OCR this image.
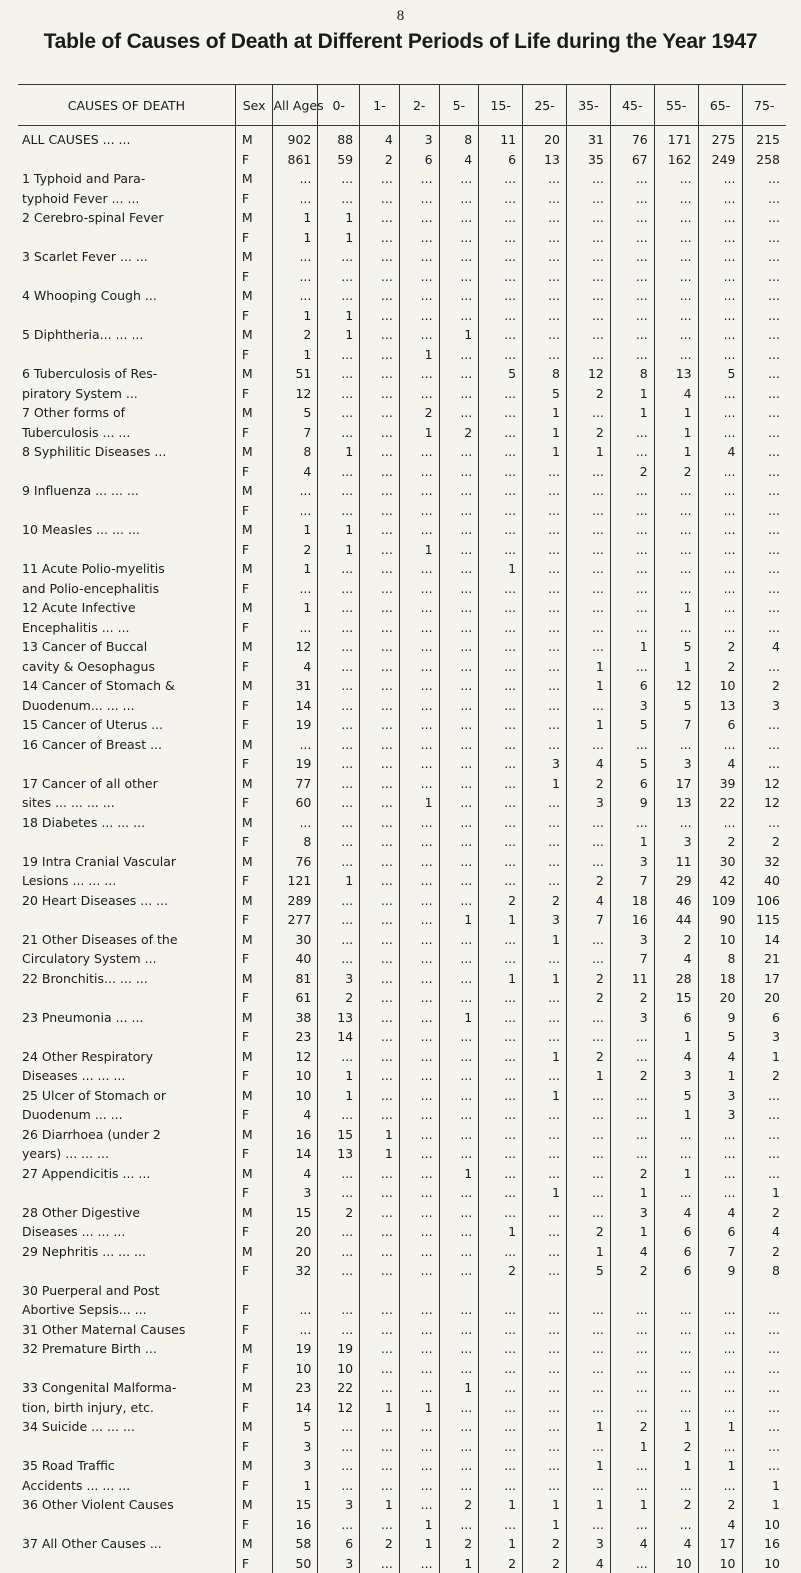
8
Table of Causes of Death at Different Periods of Life during the Year 1947
CAUSES OF DEATH	Sex	All Ages	0-	1-	2-	5-	15-	25-	35-	45-	55-	65-	75-
ALL CAUSES ... ...	M	902	88	4	3	8	11	20	31	76	171	275	215
	F	861	59	2	6	4	6	13	35	67	162	249	258
1 Typhoid and Para-	M	...	...	...	...	...	...	...	...	...	...	...	...
typhoid Fever ... ...	F	...	...	...	...	...	...	...	...	...	...	...	...
2 Cerebro-spinal Fever	M	1	1	...	...	...	...	...	...	...	...	...	...
	F	1	1	...	...	...	...	...	...	...	...	...	...
3 Scarlet Fever ... ...	M	...	...	...	...	...	...	...	...	...	...	...	...
	F	...	...	...	...	...	...	...	...	...	...	...	...
4 Whooping Cough ...	M	...	...	...	...	...	...	...	...	...	...	...	...
	F	1	1	...	...	...	...	...	...	...	...	...	...
5 Diphtheria... ... ...	M	2	1	...	...	1	...	...	...	...	...	...	...
	F	1	...	...	1	...	...	...	...	...	...	...	...
6 Tuberculosis of Res-	M	51	...	...	...	...	5	8	12	8	13	5	...
piratory System ...	F	12	...	...	...	...	...	5	2	1	4	...	...
7 Other forms of	M	5	...	...	2	...	...	1	...	1	1	...	...
Tuberculosis ... ...	F	7	...	...	1	2	...	1	2	...	1	...	...
8 Syphilitic Diseases ...	M	8	1	...	...	...	...	1	1	...	1	4	...
	F	4	...	...	...	...	...	...	...	2	2	...	...
9 Influenza ... ... ...	M	...	...	...	...	...	...	...	...	...	...	...	...
	F	...	...	...	...	...	...	...	...	...	...	...	...
10 Measles ... ... ...	M	1	1	...	...	...	...	...	...	...	...	...	...
	F	2	1	...	1	...	...	...	...	...	...	...	...
11 Acute Polio-myelitis	M	1	...	...	...	...	1	...	...	...	...	...	...
and Polio-encephalitis	F	...	...	...	...	...	...	...	...	...	...	...	...
12 Acute Infective	M	1	...	...	...	...	...	...	...	...	1	...	...
Encephalitis ... ...	F	...	...	...	...	...	...	...	...	...	...	...	...
13 Cancer of Buccal	M	12	...	...	...	...	...	...	...	1	5	2	4
cavity & Oesophagus	F	4	...	...	...	...	...	...	1	...	1	2	...
14 Cancer of Stomach &	M	31	...	...	...	...	...	...	1	6	12	10	2
Duodenum... ... ...	F	14	...	...	...	...	...	...	...	3	5	13	3
15 Cancer of Uterus ...	F	19	...	...	...	...	...	...	1	5	7	6	...
16 Cancer of Breast ...	M	...	...	...	...	...	...	...	...	...	...	...	...
	F	19	...	...	...	...	...	3	4	5	3	4	...
17 Cancer of all other	M	77	...	...	...	...	...	1	2	6	17	39	12
sites ... ... ... ...	F	60	...	...	1	...	...	...	3	9	13	22	12
18 Diabetes ... ... ...	M	...	...	...	...	...	...	...	...	...	...	...	...
	F	8	...	...	...	...	...	...	...	1	3	2	2
19 Intra Cranial Vascular	M	76	...	...	...	...	...	...	...	3	11	30	32
Lesions ... ... ...	F	121	1	...	...	...	...	...	2	7	29	42	40
20 Heart Diseases ... ...	M	289	...	...	...	...	2	2	4	18	46	109	106
	F	277	...	...	...	1	1	3	7	16	44	90	115
21 Other Diseases of the	M	30	...	...	...	...	...	1	...	3	2	10	14
Circulatory System ...	F	40	...	...	...	...	...	...	...	7	4	8	21
22 Bronchitis... ... ...	M	81	3	...	...	...	1	1	2	11	28	18	17
	F	61	2	...	...	...	...	...	2	2	15	20	20
23 Pneumonia ... ...	M	38	13	...	...	1	...	...	...	3	6	9	6
	F	23	14	...	...	...	...	...	...	...	1	5	3
24 Other Respiratory	M	12	...	...	...	...	...	1	2	...	4	4	1
Diseases ... ... ...	F	10	1	...	...	...	...	...	1	2	3	1	2
25 Ulcer of Stomach or	M	10	1	...	...	...	...	1	...	...	5	3	...
Duodenum ... ...	F	4	...	...	...	...	...	...	...	...	1	3	...
26 Diarrhoea (under 2	M	16	15	1	...	...	...	...	...	...	...	...	...
years) ... ... ...	F	14	13	1	...	...	...	...	...	...	...	...	...
27 Appendicitis ... ...	M	4	...	...	...	1	...	...	...	2	1	...	...
	F	3	...	...	...	...	...	1	...	1	...	...	1
28 Other Digestive	M	15	2	...	...	...	...	...	...	3	4	4	2
Diseases ... ... ...	F	20	...	...	...	...	1	...	2	1	6	6	4
29 Nephritis ... ... ...	M	20	...	...	...	...	...	...	1	4	6	7	2
	F	32	...	...	...	...	2	...	5	2	6	9	8
30 Puerperal and Post													
Abortive Sepsis... ...	F	...	...	...	...	...	...	...	...	...	...	...	...
31 Other Maternal Causes	F	...	...	...	...	...	...	...	...	...	...	...	...
32 Premature Birth ...	M	19	19	...	...	...	...	...	...	...	...	...	...
	F	10	10	...	...	...	...	...	...	...	...	...	...
33 Congenital Malforma-	M	23	22	...	...	1	...	...	...	...	...	...	...
tion, birth injury, etc.	F	14	12	1	1	...	...	...	...	...	...	...	...
34 Suicide ... ... ...	M	5	...	...	...	...	...	...	1	2	1	1	...
	F	3	...	...	...	...	...	...	...	1	2	...	...
35 Road Traffic	M	3	...	...	...	...	...	...	1	...	1	1	...
Accidents ... ... ...	F	1	...	...	...	...	...	...	...	...	...	...	1
36 Other Violent Causes	M	15	3	1	...	2	1	1	1	1	2	2	1
	F	16	...	...	1	...	...	1	...	...	...	4	10
37 All Other Causes ...	M	58	6	2	1	2	1	2	3	4	4	17	16
	F	50	3	...	...	1	2	2	4	...	10	10	10
